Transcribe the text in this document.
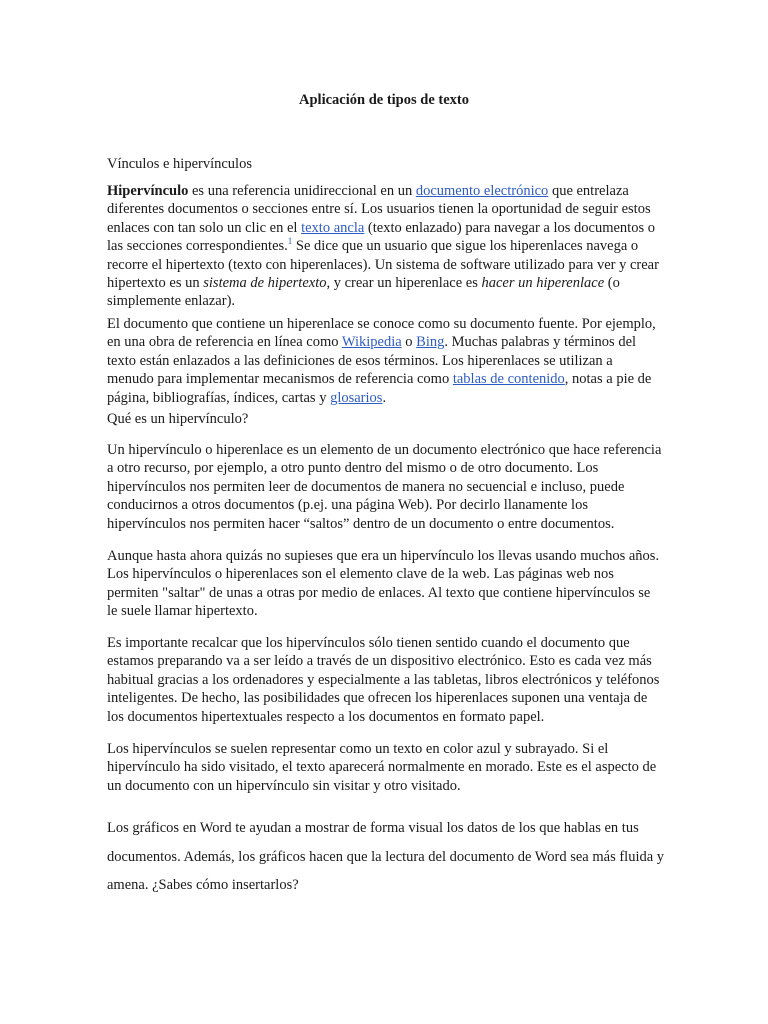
Aplicación de tipos de texto

Vínculos e hipervínculos

Hipervínculo es una referencia unidireccional en un documento electrónico que entrelaza diferentes documentos o secciones entre sí. Los usuarios tienen la oportunidad de seguir estos enlaces con tan solo un clic en el texto ancla (texto enlazado) para navegar a los documentos o las secciones correspondientes.$^1$ Se dice que un usuario que sigue los hiperenlaces navega o recorre el hipertexto (texto con hiperenlaces). Un sistema de software utilizado para ver y crear hipertexto es un sistema de hipertexto, y crear un hiperenlace es hacer un hiperenlace (o simplemente enlazar).

El documento que contiene un hiperenlace se conoce como su documento fuente. Por ejemplo, en una obra de referencia en línea como Wikipedia o Bing. Muchas palabras y términos del texto están enlazados a las definiciones de esos términos. Los hiperenlaces se utilizan a menudo para implementar mecanismos de referencia como tablas de contenido, notas a pie de página, bibliografías, índices, cartas y glosarios.

Qué es un hipervínculo?

Un hipervínculo o hiperenlace es un elemento de un documento electrónico que hace referencia a otro recurso, por ejemplo, a otro punto dentro del mismo o de otro documento. Los hipervínculos nos permiten leer de documentos de manera no secuencial e incluso, puede conducirnos a otros documentos (p.ej. una página Web). Por decirlo llanamente los hipervínculos nos permiten hacer “saltos” dentro de un documento o entre documentos.

Aunque hasta ahora quizás no supieses que era un hipervínculo los llevas usando muchos años. Los hipervínculos o hiperenlaces son el elemento clave de la web. Las páginas web nos permiten "saltar" de unas a otras por medio de enlaces. Al texto que contiene hipervínculos se le suele llamar hipertexto.

Es importante recalcar que los hipervínculos sólo tienen sentido cuando el documento que estamos preparando va a ser leído a través de un dispositivo electrónico. Esto es cada vez más habitual gracias a los ordenadores y especialmente a las tabletas, libros electrónicos y teléfonos inteligentes. De hecho, las posibilidades que ofrecen los hiperenlaces suponen una ventaja de los documentos hipertextuales respecto a los documentos en formato papel.

Los hipervínculos se suelen representar como un texto en color azul y subrayado. Si el hipervínculo ha sido visitado, el texto aparecerá normalmente en morado. Este es el aspecto de un documento con un hipervínculo sin visitar y otro visitado.

Los gráficos en Word te ayudan a mostrar de forma visual los datos de los que hablas en tus documentos. Además, los gráficos hacen que la lectura del documento de Word sea más fluida y amena. ¿Sabes cómo insertarlos?
